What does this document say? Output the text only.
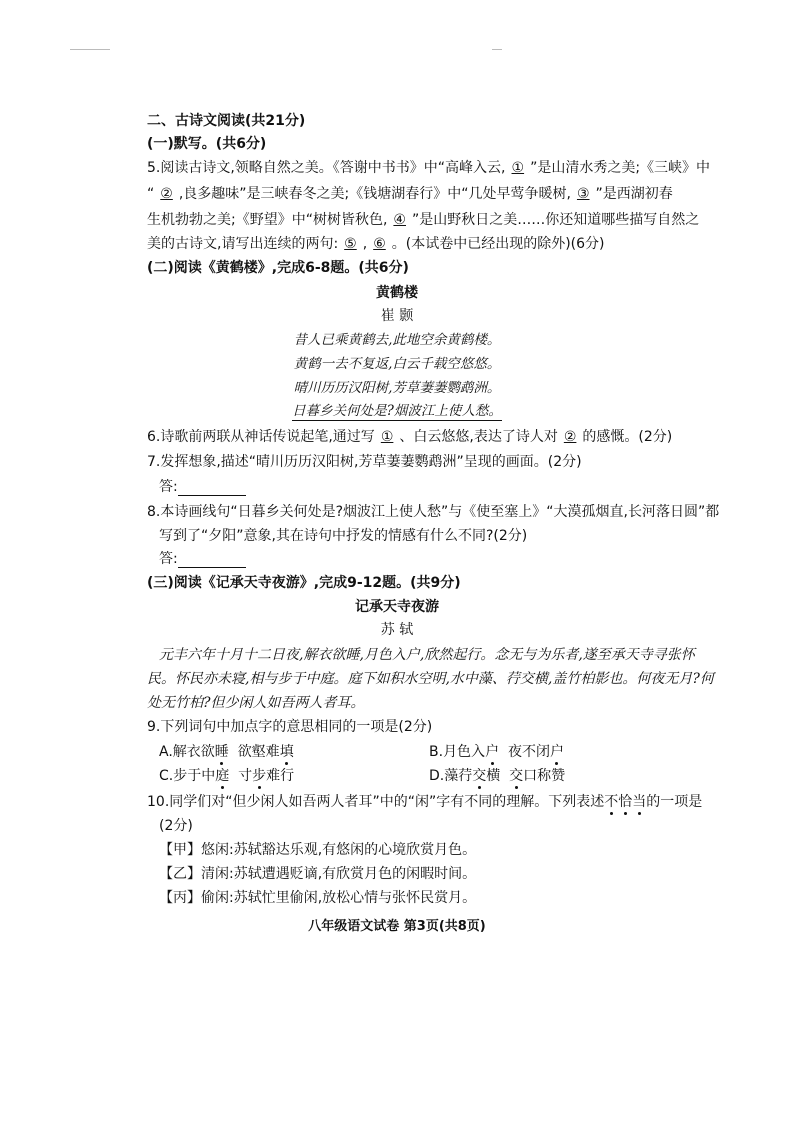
二、古诗文阅读(共21分)
(一)默写。(共6分)
5.阅读古诗文,领略自然之美。《答谢中书书》中“高峰入云, ① ”是山清水秀之美;《三峡》中
“ ② ,良多趣味”是三峡春冬之美;《钱塘湖春行》中“几处早莺争暖树, ③ ”是西湖初春
生机勃勃之美;《野望》中“树树皆秋色, ④ ”是山野秋日之美……你还知道哪些描写自然之
美的古诗文,请写出连续的两句: ⑤ , ⑥ 。(本试卷中已经出现的除外)(6分)
(二)阅读《黄鹤楼》,完成6-8题。(共6分)
黄鹤楼
崔 颢
昔人已乘黄鹤去,此地空余黄鹤楼。
黄鹤一去不复返,白云千载空悠悠。
晴川历历汉阳树,芳草萋萋鹦鹉洲。
日暮乡关何处是?烟波江上使人愁。
6.诗歌前两联从神话传说起笔,通过写 ① 、白云悠悠,表达了诗人对 ② 的感慨。(2分)
7.发挥想象,描述“晴川历历汉阳树,芳草萋萋鹦鹉洲”呈现的画面。(2分)
答:
8.本诗画线句“日暮乡关何处是?烟波江上使人愁”与《使至塞上》“大漠孤烟直,长河落日圆”都
写到了“夕阳”意象,其在诗句中抒发的情感有什么不同?(2分)
答:
(三)阅读《记承天寺夜游》,完成9-12题。(共9分)
记承天寺夜游
苏 轼
元丰六年十月十二日夜,解衣欲睡,月色入户,欣然起行。念无与为乐者,遂至承天寺寻张怀
民。怀民亦未寝,相与步于中庭。庭下如积水空明,水中藻、荇交横,盖竹柏影也。何夜无月?何
处无竹柏?但少闲人如吾两人者耳。
9.下列词句中加点字的意思相同的一项是(2分)
A.解衣欲睡 欲壑难填	B.月色入户 夜不闭户
C.步于中庭 寸步难行	D.藻荇交横 交口称赞
10.同学们对“但少闲人如吾两人者耳”中的“闲”字有不同的理解。下列表述不恰当的一项是
(2分)
【甲】悠闲:苏轼豁达乐观,有悠闲的心境欣赏月色。
【乙】清闲:苏轼遭遇贬谪,有欣赏月色的闲暇时间。
【丙】偷闲:苏轼忙里偷闲,放松心情与张怀民赏月。
八年级语文试卷 第3页(共8页)
